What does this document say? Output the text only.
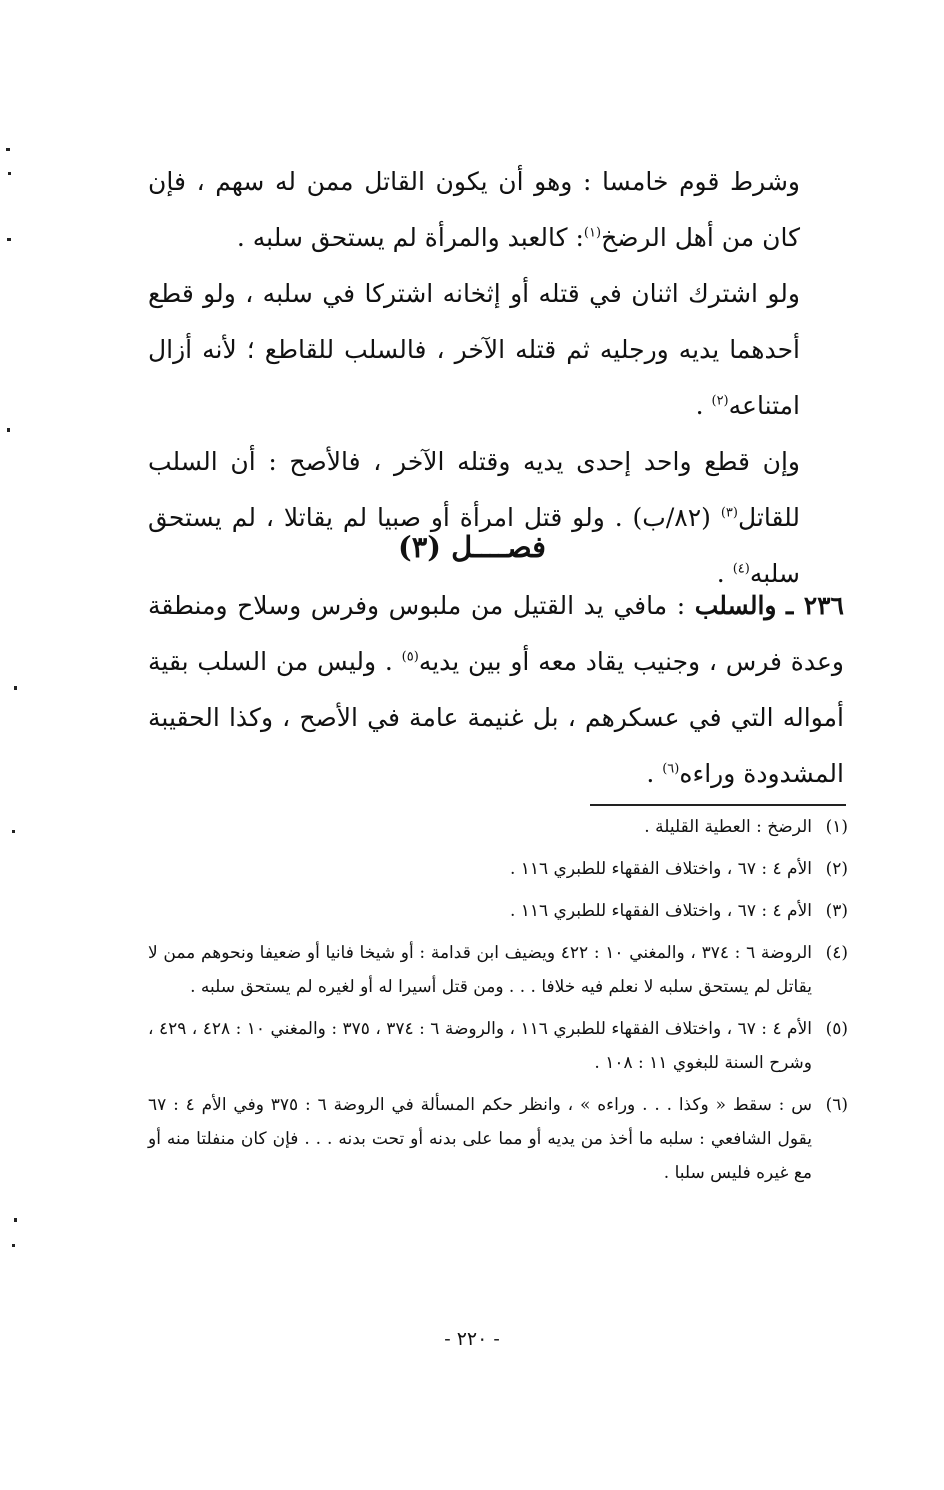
وشرط قوم خامسا : وهو أن يكون القاتل ممن له سهم ، فإن كان من أهل الرضخ$^{(١)}$: كالعبد والمرأة لم يستحق سلبه .

ولو اشترك اثنان في قتله أو إثخانه اشتركا في سلبه ، ولو قطع أحدهما يديه ورجليه ثم قتله الآخر ، فالسلب للقاطع ؛ لأنه أزال امتناعه$^{(٢)}$ .

وإن قطع واحد إحدى يديه وقتله الآخر ، فالأصح : أن السلب للقاتل$^{(٣)}$ (٨٢/ب) . ولو قتل امرأة أو صبيا لم يقاتلا ، لم يستحق سلبه$^{(٤)}$ .

فصــــل (٣)
٢٣٦ ـ والسلب : مافي يد القتيل من ملبوس وفرس وسلاح ومنطقة وعدة فرس ، وجنيب يقاد معه أو بين يديه$^{(٥)}$ . وليس من السلب بقية أمواله التي في عسكرهم ، بل غنيمة عامة في الأصح ، وكذا الحقيبة المشدودة وراءه$^{(٦)}$ .
(١)
الرضخ : العطية القليلة .
(٢)
الأم ٤ : ٦٧ ، واختلاف الفقهاء للطبري ١١٦ .
(٣)
الأم ٤ : ٦٧ ، واختلاف الفقهاء للطبري ١١٦ .
(٤)
الروضة ٦ : ٣٧٤ ، والمغني ١٠ : ٤٢٢ ويضيف ابن قدامة : أو شيخا فانيا أو ضعيفا ونحوهم ممن لا يقاتل لم يستحق سلبه لا نعلم فيه خلافا . . . ومن قتل أسيرا له أو لغيره لم يستحق سلبه .
(٥)
الأم ٤ : ٦٧ ، واختلاف الفقهاء للطبري ١١٦ ، والروضة ٦ : ٣٧٤ ، ٣٧٥ : والمغني ١٠ : ٤٢٨ ، ٤٢٩ ، وشرح السنة للبغوي ١١ : ١٠٨ .
(٦)
س : سقط « وكذا . . . وراءه » ، وانظر حكم المسألة في الروضة ٦ : ٣٧٥ وفي الأم ٤ : ٦٧ يقول الشافعي : سلبه ما أخذ من يديه أو مما على بدنه أو تحت بدنه . . . فإن كان منفلتا منه أو مع غيره فليس سلبا .
- ٢٢٠ -
